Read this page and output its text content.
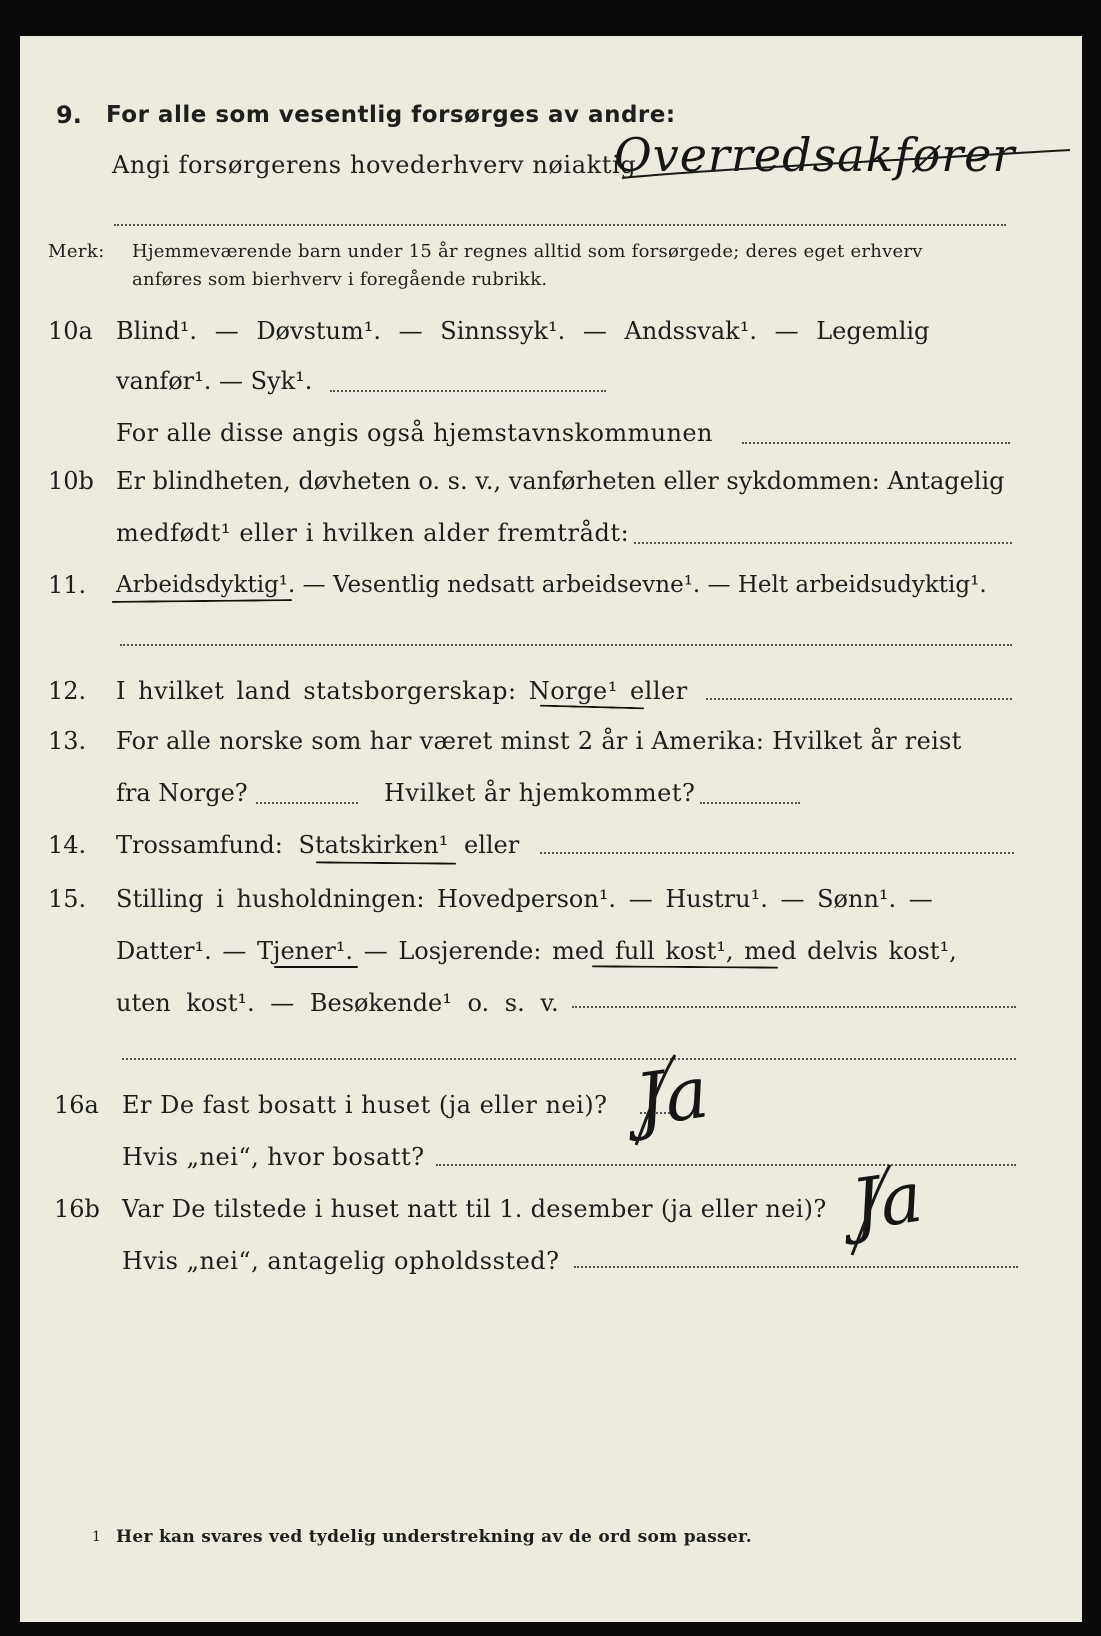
9. For alle som vesentlig forsørges av andre:
Angi forsørgerens hovederhverv nøiaktig
Overredsakfører
Merk: Hjemmeværende barn under 15 år regnes alltid som forsørgede; deres eget erhverv
anføres som bierhverv i foregående rubrikk.
10a Blind¹. — Døvstum¹. — Sinnssyk¹. — Andssvak¹. — Legemlig
vanfør¹. — Syk¹.
For alle disse angis også hjemstavnskommunen
10b Er blindheten, døvheten o. s. v., vanførheten eller sykdommen: Antagelig
medfødt¹ eller i hvilken alder fremtrådt:
11. Arbeidsdyktig¹. — Vesentlig nedsatt arbeidsevne¹. — Helt arbeidsudyktig¹.
12. I hvilket land statsborgerskap: Norge¹ eller
13. For alle norske som har været minst 2 år i Amerika: Hvilket år reist
fra Norge?	Hvilket år hjemkommet?
14. Trossamfund: Statskirken¹ eller
15. Stilling i husholdningen: Hovedperson¹. — Hustru¹. — Sønn¹. —
Datter¹. — Tjener¹. — Losjerende: med full kost¹, med delvis kost¹,
uten kost¹. — Besøkende¹ o. s. v.
16a Er De fast bosatt i huset (ja eller nei)? Ja
Hvis „nei“, hvor bosatt?
16b Var De tilstede i huset natt til 1. desember (ja eller nei)? Ja
Hvis „nei“, antagelig opholdssted?
1 Her kan svares ved tydelig understrekning av de ord som passer.
